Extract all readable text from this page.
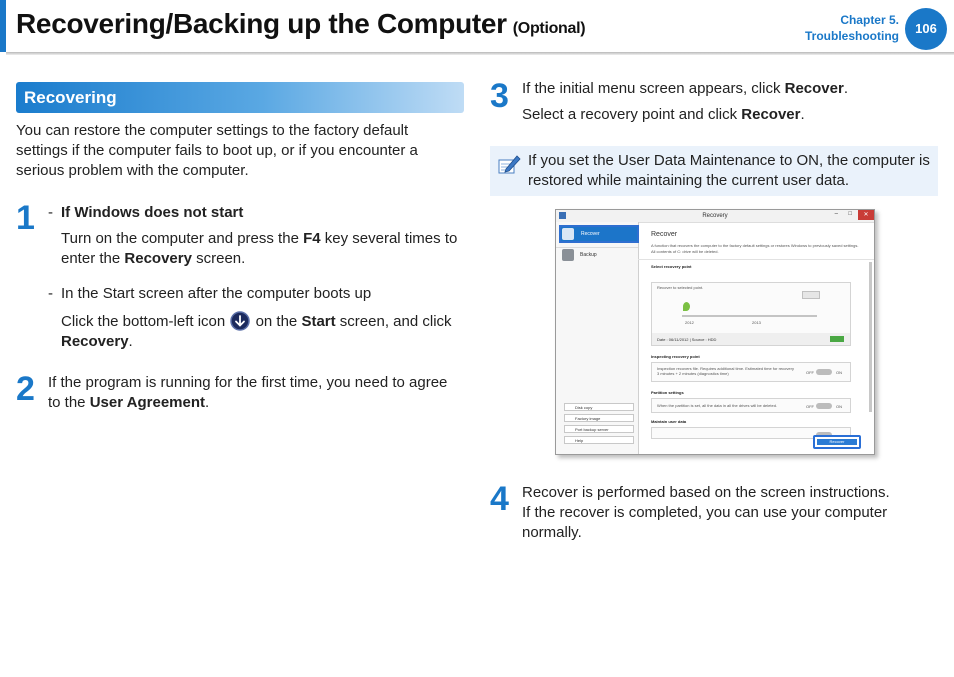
Recovering/Backing up the Computer (Optional)	Chapter 5.
Troubleshooting	106
Recovering
You can restore the computer settings to the factory default settings if the computer fails to boot up, or if you encounter a serious problem with the computer.
1 - If Windows does not start
Turn on the computer and press the F4 key several times to enter the Recovery screen.
- In the Start screen after the computer boots up
Click the bottom-left icon  on the Start screen, and click Recovery.
2 If the program is running for the first time, you need to agree to the User Agreement.
3 If the initial menu screen appears, click Recover.
Select a recovery point and click Recover.
If you set the User Data Maintenance to ON, the computer is restored while maintaining the current user data.
Recovery	– □	✕
Recover
Backup
Disk copy
Factory image
Port backup server
Help
Recover
A function that recovers the computer to the factory default settings or restores Windows to previously saved settings. All contents of C: drive will be deleted.
Select recovery point
Recover to selected point.
2012	2013
Date : 06/11/2012 | Source : HDD
Inspecting recovery point
Inspection recovers file. Requires additional time. Estimated time for recovery 3 minutes + 2 minutes (diagnostics time)	OFF	ON
Partition settings
When the partition is set, all the data in all the drives will be deleted.	OFF	ON
Maintain user data
Recover
4 Recover is performed based on the screen instructions. If the recover is completed, you can use your computer normally.
